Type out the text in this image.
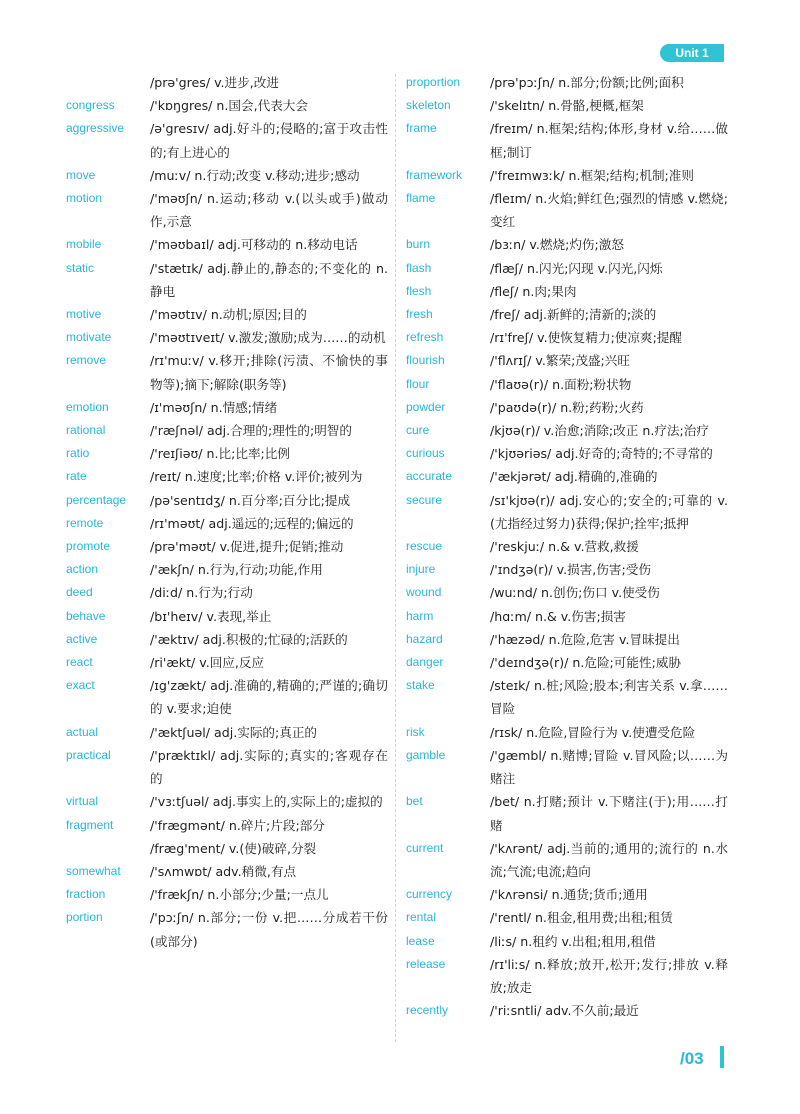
Unit 1
/prə'gres/ v.进步,改进
congress	/'kɒŋgres/ n.国会,代表大会
aggressive	/ə'gresɪv/ adj.好斗的;侵略的;富于攻击性的;有上进心的
move	/muːv/ n.行动;改变 v.移动;进步;感动
motion	/'məʊʃn/ n.运动;移动 v.(以头或手)做动作,示意
mobile	/'məʊbaɪl/ adj.可移动的 n.移动电话
static	/'stætɪk/ adj.静止的,静态的;不变化的 n.静电
motive	/'məʊtɪv/ n.动机;原因;目的
motivate	/'məʊtɪveɪt/ v.激发;激励;成为……的动机
remove	/rɪ'muːv/ v.移开;排除(污渍、不愉快的事物等);摘下;解除(职务等)
emotion	/ɪ'məʊʃn/ n.情感;情绪
rational	/'ræʃnəl/ adj.合理的;理性的;明智的
ratio	/'reɪʃiəʊ/ n.比;比率;比例
rate	/reɪt/ n.速度;比率;价格 v.评价;被列为
percentage	/pə'sentɪdʒ/ n.百分率;百分比;提成
remote	/rɪ'məʊt/ adj.遥远的;远程的;偏远的
promote	/prə'məʊt/ v.促进,提升;促销;推动
action	/'ækʃn/ n.行为,行动;功能,作用
deed	/diːd/ n.行为;行动
behave	/bɪ'heɪv/ v.表现,举止
active	/'æktɪv/ adj.积极的;忙碌的;活跃的
react	/ri'ækt/ v.回应,反应
exact	/ɪg'zækt/ adj.准确的,精确的;严谨的;确切的 v.要求;迫使
actual	/'æktʃuəl/ adj.实际的;真正的
practical	/'præktɪkl/ adj.实际的;真实的;客观存在的
virtual	/'vɜːtʃuəl/ adj.事实上的,实际上的;虚拟的
fragment	/'frægmənt/ n.碎片;片段;部分
/fræg'ment/ v.(使)破碎,分裂
somewhat	/'sʌmwɒt/ adv.稍微,有点
fraction	/'frækʃn/ n.小部分;少量;一点儿
portion	/'pɔːʃn/ n.部分;一份 v.把……分成若干份(或部分)
proportion	/prə'pɔːʃn/ n.部分;份额;比例;面积
skeleton	/'skelɪtn/ n.骨骼,梗概,框架
frame	/freɪm/ n.框架;结构;体形,身材 v.给……做框;制订
framework	/'freɪmwɜːk/ n.框架;结构;机制;准则
flame	/fleɪm/ n.火焰;鲜红色;强烈的情感 v.燃烧;变红
burn	/bɜːn/ v.燃烧;灼伤;激怒
flash	/flæʃ/ n.闪光;闪现 v.闪光,闪烁
flesh	/fleʃ/ n.肉;果肉
fresh	/freʃ/ adj.新鲜的;清新的;淡的
refresh	/rɪ'freʃ/ v.使恢复精力;使凉爽;提醒
flourish	/'flʌrɪʃ/ v.繁荣;茂盛;兴旺
flour	/'flaʊə(r)/ n.面粉;粉状物
powder	/'paʊdə(r)/ n.粉;药粉;火药
cure	/kjʊə(r)/ v.治愈;消除;改正 n.疗法;治疗
curious	/'kjʊəriəs/ adj.好奇的;奇特的;不寻常的
accurate	/'ækjərət/ adj.精确的,准确的
secure	/sɪ'kjʊə(r)/ adj.安心的;安全的;可靠的 v.(尤指经过努力)获得;保护;拴牢;抵押
rescue	/'reskjuː/ n.& v.营救,救援
injure	/'ɪndʒə(r)/ v.损害,伤害;受伤
wound	/wuːnd/ n.创伤;伤口 v.使受伤
harm	/hɑːm/ n.& v.伤害;损害
hazard	/'hæzəd/ n.危险,危害 v.冒昧提出
danger	/'deɪndʒə(r)/ n.危险;可能性;威胁
stake	/steɪk/ n.桩;风险;股本;利害关系 v.拿……冒险
risk	/rɪsk/ n.危险,冒险行为 v.使遭受危险
gamble	/'gæmbl/ n.赌博;冒险 v.冒风险;以……为赌注
bet	/bet/ n.打赌;预计 v.下赌注(于);用……打赌
current	/'kʌrənt/ adj.当前的;通用的;流行的 n.水流;气流;电流;趋向
currency	/'kʌrənsi/ n.通货;货币;通用
rental	/'rentl/ n.租金,租用费;出租;租赁
lease	/liːs/ n.租约 v.出租;租用,租借
release	/rɪ'liːs/ n.释放;放开,松开;发行;排放 v.释放;放走
recently	/'riːsntli/ adv.不久前;最近
/03
